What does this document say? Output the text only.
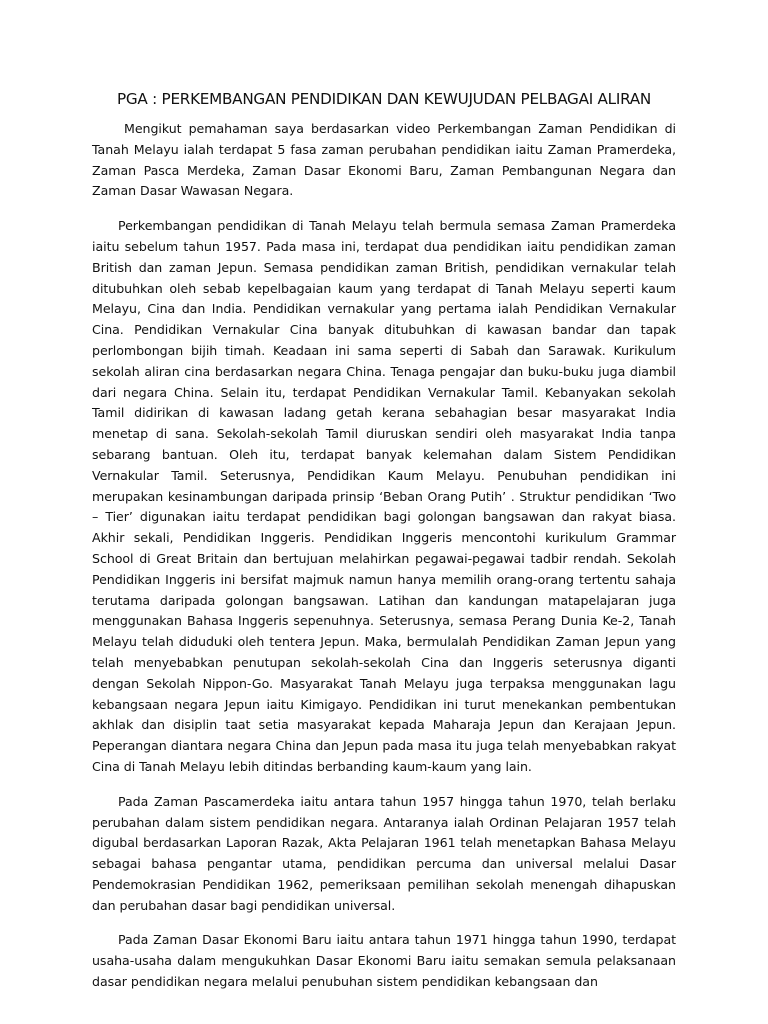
PGA : PERKEMBANGAN PENDIDIKAN DAN KEWUJUDAN PELBAGAI ALIRAN

Mengikut pemahaman saya berdasarkan video Perkembangan Zaman Pendidikan di Tanah Melayu ialah terdapat 5 fasa zaman perubahan pendidikan iaitu Zaman Pramerdeka, Zaman Pasca Merdeka, Zaman Dasar Ekonomi Baru, Zaman Pembangunan Negara dan Zaman Dasar Wawasan Negara.

Perkembangan pendidikan di Tanah Melayu telah bermula semasa Zaman Pramerdeka iaitu sebelum tahun 1957. Pada masa ini, terdapat dua pendidikan iaitu pendidikan zaman British dan zaman Jepun. Semasa pendidikan zaman British, pendidikan vernakular telah ditubuhkan oleh sebab kepelbagaian kaum yang terdapat di Tanah Melayu seperti kaum Melayu, Cina dan India. Pendidikan vernakular yang pertama ialah Pendidikan Vernakular Cina. Pendidikan Vernakular Cina banyak ditubuhkan di kawasan bandar dan tapak perlombongan bijih timah. Keadaan ini sama seperti di Sabah dan Sarawak. Kurikulum sekolah aliran cina berdasarkan negara China. Tenaga pengajar dan buku-buku juga diambil dari negara China. Selain itu, terdapat Pendidikan Vernakular Tamil. Kebanyakan sekolah Tamil didirikan di kawasan ladang getah kerana sebahagian besar masyarakat India menetap di sana. Sekolah-sekolah Tamil diuruskan sendiri oleh masyarakat India tanpa sebarang bantuan. Oleh itu, terdapat banyak kelemahan dalam Sistem Pendidikan Vernakular Tamil. Seterusnya, Pendidikan Kaum Melayu. Penubuhan pendidikan ini merupakan kesinambungan daripada prinsip ‘Beban Orang Putih’ . Struktur pendidikan ‘Two – Tier’ digunakan iaitu terdapat pendidikan bagi golongan bangsawan dan rakyat biasa. Akhir sekali, Pendidikan Inggeris. Pendidikan Inggeris mencontohi kurikulum Grammar School di Great Britain dan bertujuan melahirkan pegawai-pegawai tadbir rendah. Sekolah Pendidikan Inggeris ini bersifat majmuk namun hanya memilih orang-orang tertentu sahaja terutama daripada golongan bangsawan. Latihan dan kandungan matapelajaran juga menggunakan Bahasa Inggeris sepenuhnya. Seterusnya, semasa Perang Dunia Ke-2, Tanah Melayu telah diduduki oleh tentera Jepun. Maka, bermulalah Pendidikan Zaman Jepun yang telah menyebabkan penutupan sekolah-sekolah Cina dan Inggeris seterusnya diganti dengan Sekolah Nippon-Go. Masyarakat Tanah Melayu juga terpaksa menggunakan lagu kebangsaan negara Jepun iaitu Kimigayo. Pendidikan ini turut menekankan pembentukan akhlak dan disiplin taat setia masyarakat kepada Maharaja Jepun dan Kerajaan Jepun. Peperangan diantara negara China dan Jepun pada masa itu juga telah menyebabkan rakyat Cina di Tanah Melayu lebih ditindas berbanding kaum-kaum yang lain.

Pada Zaman Pascamerdeka iaitu antara tahun 1957 hingga tahun 1970, telah berlaku perubahan dalam sistem pendidikan negara. Antaranya ialah Ordinan Pelajaran 1957 telah digubal berdasarkan Laporan Razak, Akta Pelajaran 1961 telah menetapkan Bahasa Melayu sebagai bahasa pengantar utama, pendidikan percuma dan universal melalui Dasar Pendemokrasian Pendidikan 1962, pemeriksaan pemilihan sekolah menengah dihapuskan dan perubahan dasar bagi pendidikan universal.

Pada Zaman Dasar Ekonomi Baru iaitu antara tahun 1971 hingga tahun 1990, terdapat usaha-usaha dalam mengukuhkan Dasar Ekonomi Baru iaitu semakan semula pelaksanaan dasar pendidikan negara melalui penubuhan sistem pendidikan kebangsaan dan
